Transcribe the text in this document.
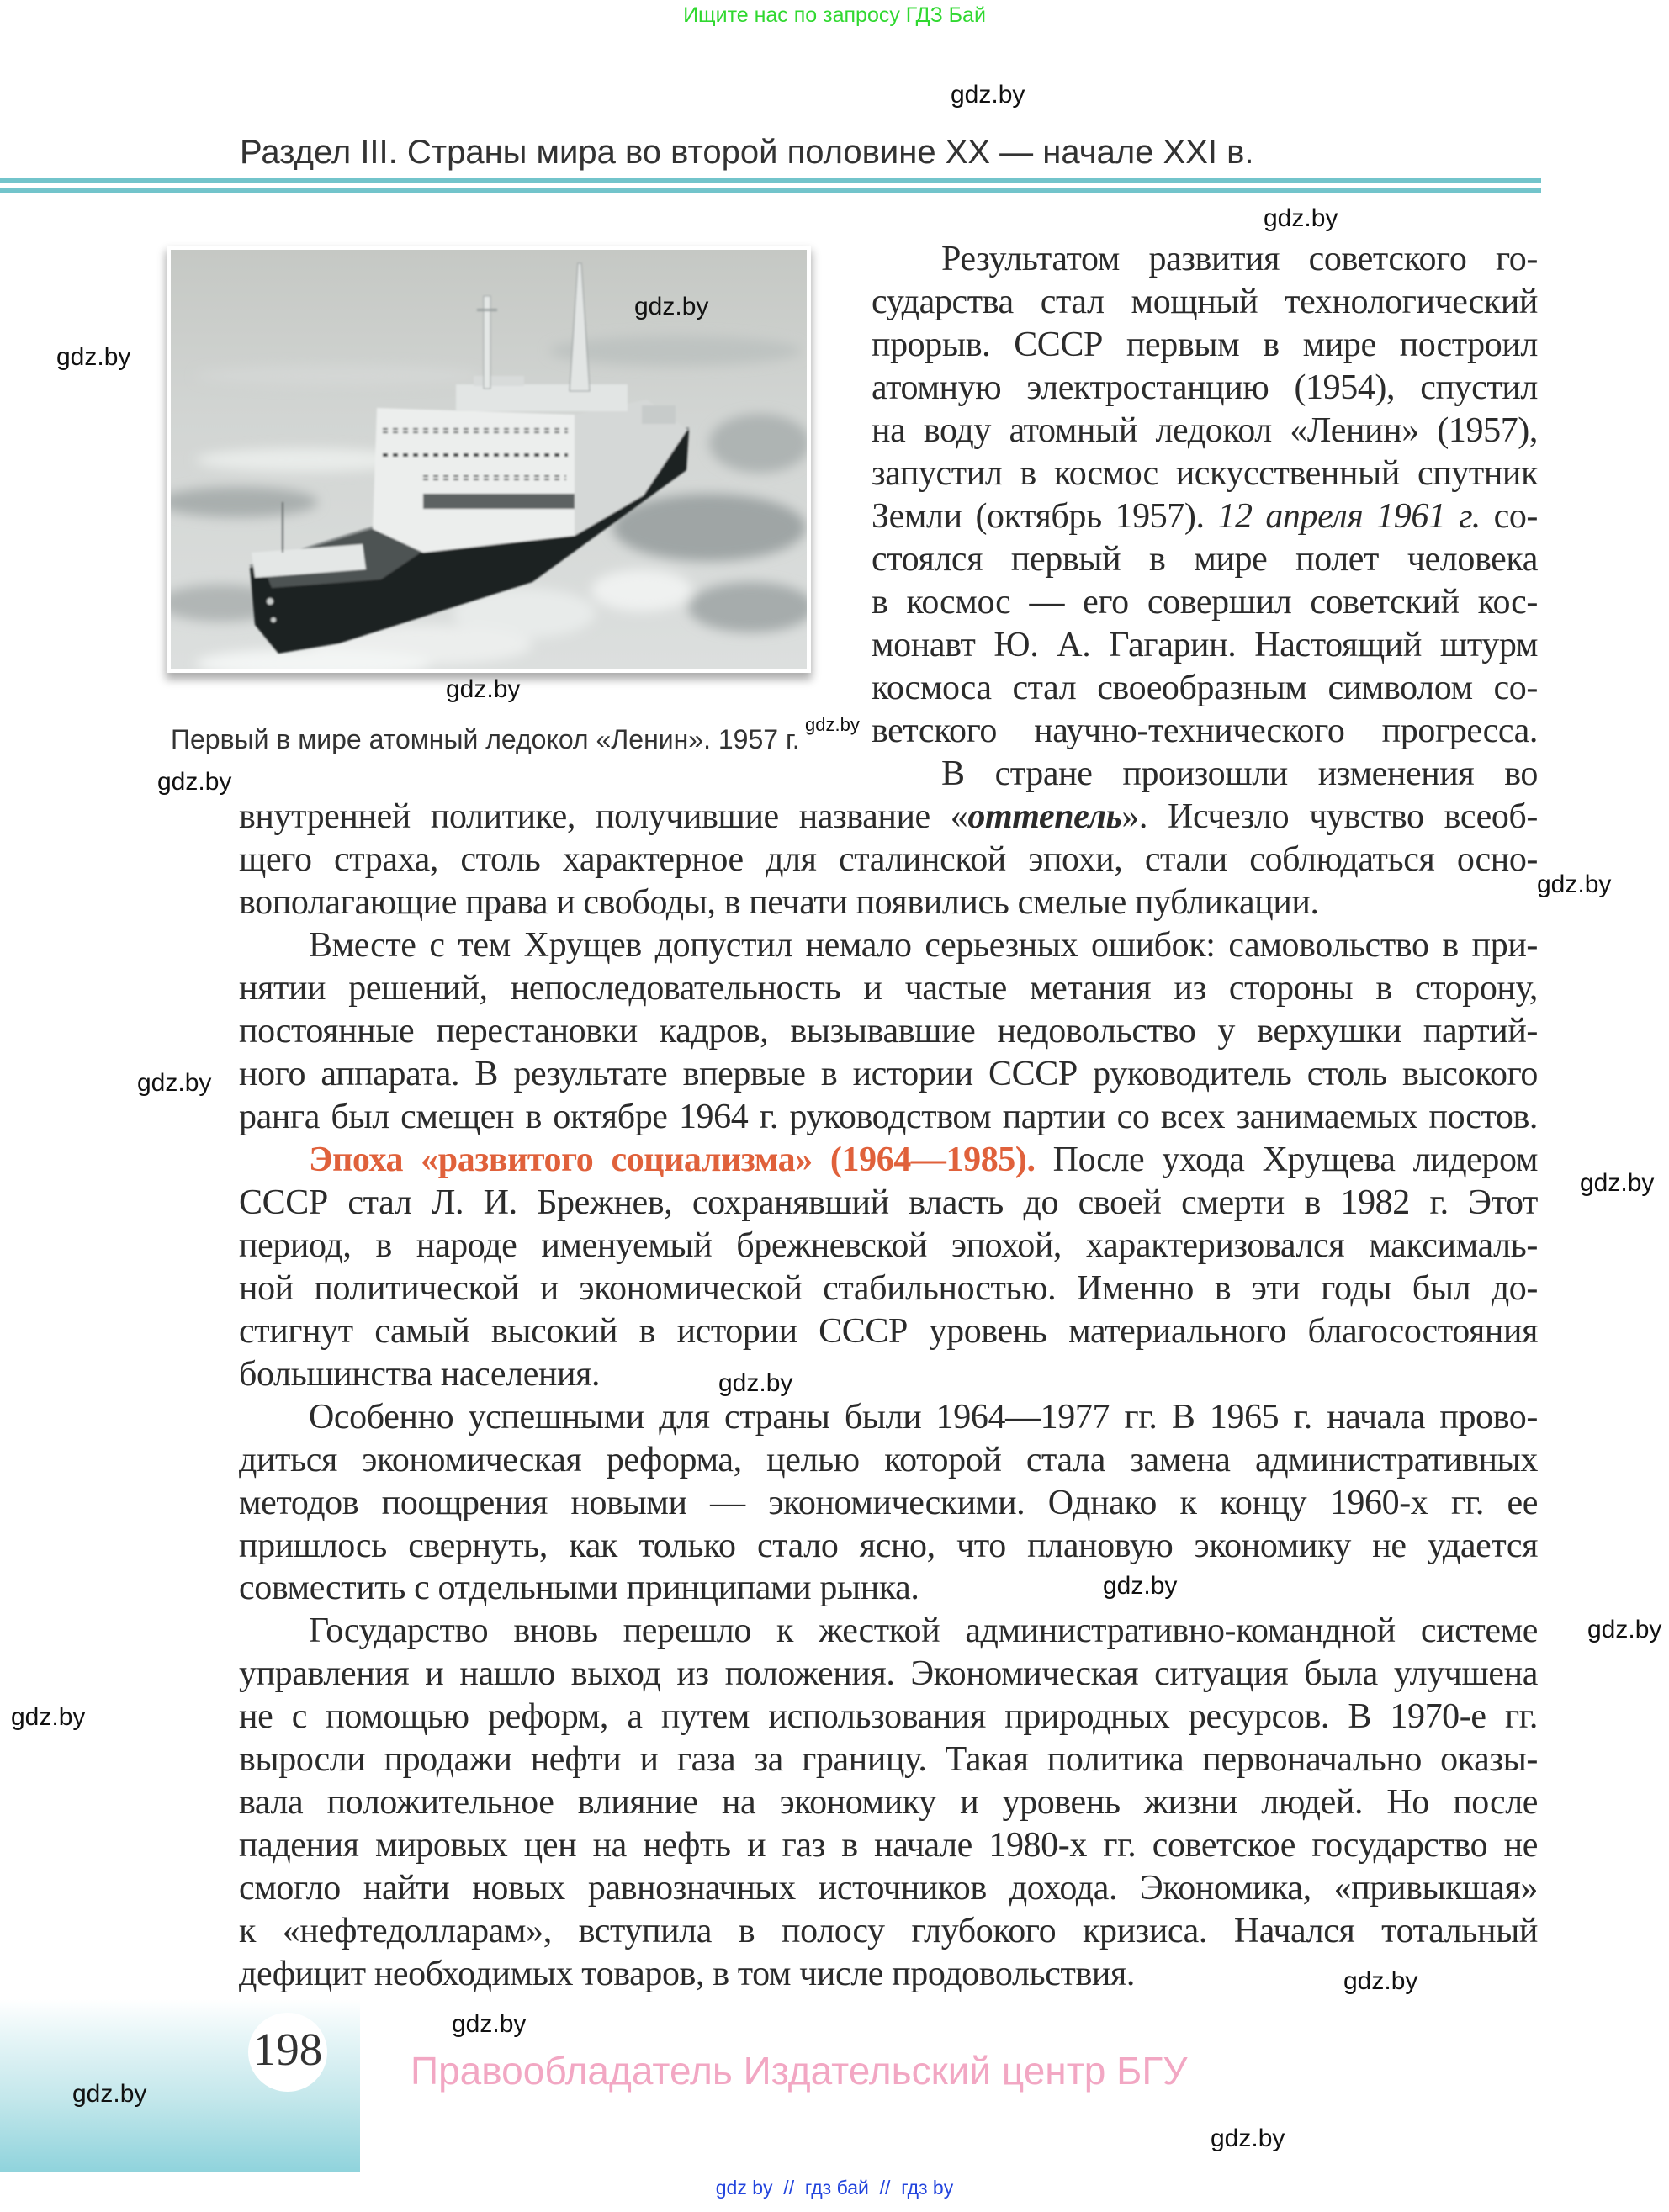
Ищите нас по запросу ГДЗ Бай
Раздел III. Страны мира во второй половине XX — начале XXI в.
Первый в мире атомный ледокол «Ленин». 1957 г.
Результатом развития советского го-
сударства стал мощный технологический
прорыв. СССР первым в мире построил
атомную электростанцию (1954), спустил
на воду атомный ледокол «Ленин» (1957),
запустил в космос искусственный спутник
Земли (октябрь 1957). 12 апреля 1961 г. со-
стоялся первый в мире полет человека
в космос — его совершил советский кос-
монавт Ю. А. Гагарин. Настоящий штурм
космоса стал своеобразным символом со-
ветского научно-технического прогресса.
В стране произошли изменения во
внутренней политике, получившие название «оттепель». Исчезло чувство всеоб-
щего страха, столь характерное для сталинской эпохи, стали соблюдаться осно-
вополагающие права и свободы, в печати появились смелые публикации.
Вместе с тем Хрущев допустил немало серьезных ошибок: самовольство в при-
нятии решений, непоследовательность и частые метания из стороны в сторону,
постоянные перестановки кадров, вызывавшие недовольство у верхушки партий-
ного аппарата. В результате впервые в истории СССР руководитель столь высокого
ранга был смещен в октябре 1964 г. руководством партии со всех занимаемых постов.
Эпоха «развитого социализма» (1964—1985). После ухода Хрущева лидером
СССР стал Л. И. Брежнев, сохранявший власть до своей смерти в 1982 г. Этот
период, в народе именуемый брежневской эпохой, характеризовался максималь-
ной политической и экономической стабильностью. Именно в эти годы был до-
стигнут самый высокий в истории СССР уровень материального благосостояния
большинства населения.
Особенно успешными для страны были 1964—1977 гг. В 1965 г. начала прово-
диться экономическая реформа, целью которой стала замена административных
методов поощрения новыми — экономическими. Однако к концу 1960-х гг. ее
пришлось свернуть, как только стало ясно, что плановую экономику не удается
совместить с отдельными принципами рынка.
Государство вновь перешло к жесткой административно-командной системе
управления и нашло выход из положения. Экономическая ситуация была улучшена
не с помощью реформ, а путем использования природных ресурсов. В 1970-е гг.
выросли продажи нефти и газа за границу. Такая политика первоначально оказы-
вала положительное влияние на экономику и уровень жизни людей. Но после
падения мировых цен на нефть и газ в начале 1980-х гг. советское государство не
смогло найти новых равнозначных источников дохода. Экономика, «привыкшая»
к «нефтедолларам», вступила в полосу глубокого кризиса. Начался тотальный
дефицит необходимых товаров, в том числе продовольствия.
198 Правообладатель Издательский центр БГУ
gdz by  //  гдз бай  //  гдз by
gdz.by
gdz.by
gdz.by
gdz.by
gdz.by
gdz.by
gdz.by
gdz.by
gdz.by
gdz.by
gdz.by
gdz.by
gdz.by
gdz.by
gdz.by
gdz.by
gdz.by
gdz.by
